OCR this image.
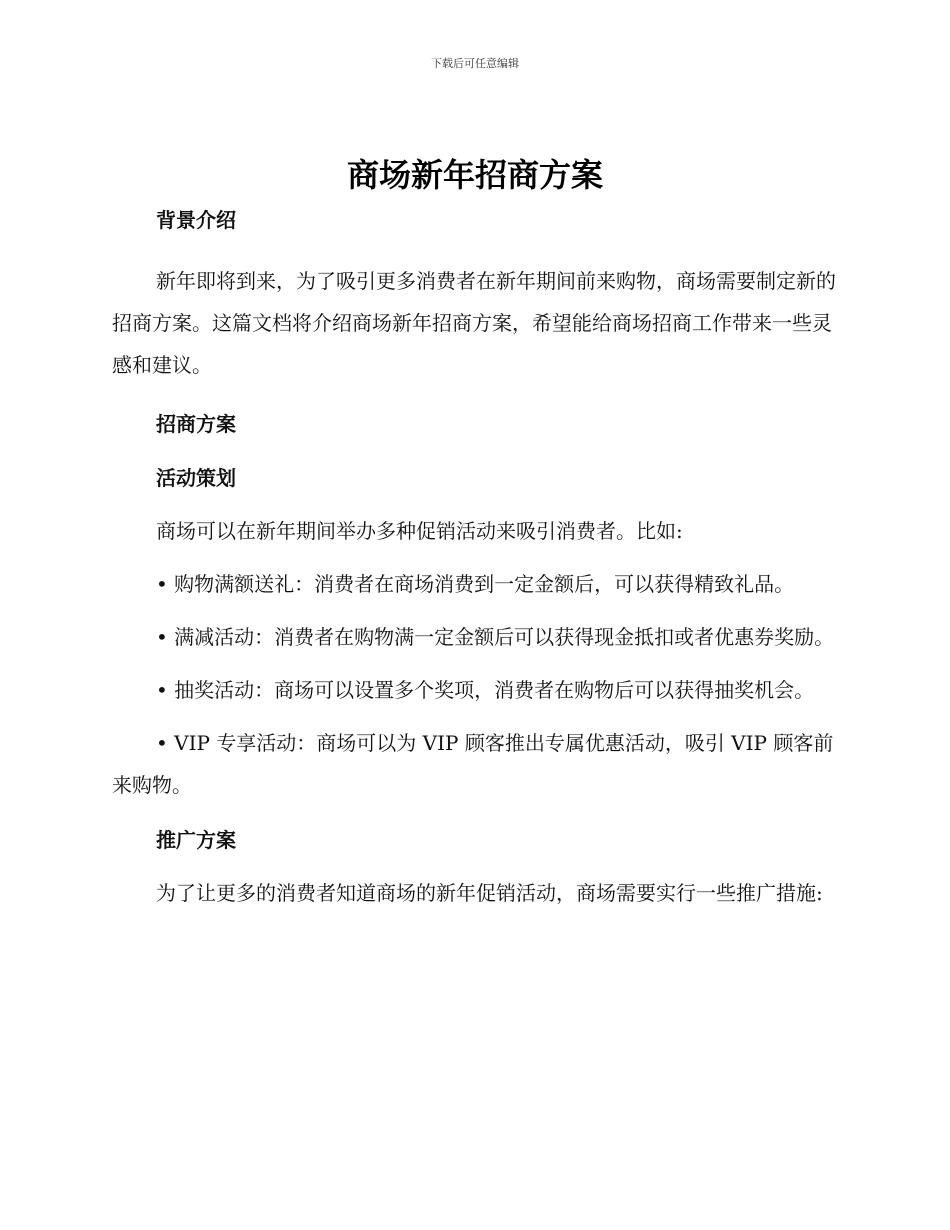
下载后可任意编辑
商场新年招商方案

背景介绍

新年即将到来，为了吸引更多消费者在新年期间前来购物，商场需要制定新的招商方案。这篇文档将介绍商场新年招商方案，希望能给商场招商工作带来一些灵感和建议。

招商方案

活动策划

商场可以在新年期间举办多种促销活动来吸引消费者。比如:

• 购物满额送礼：消费者在商场消费到一定金额后，可以获得精致礼品。

• 满减活动：消费者在购物满一定金额后可以获得现金抵扣或者优惠券奖励。

• 抽奖活动：商场可以设置多个奖项，消费者在购物后可以获得抽奖机会。

• VIP 专享活动：商场可以为 VIP 顾客推出专属优惠活动，吸引 VIP 顾客前来购物。

推广方案

为了让更多的消费者知道商场的新年促销活动，商场需要实行一些推广措施:
